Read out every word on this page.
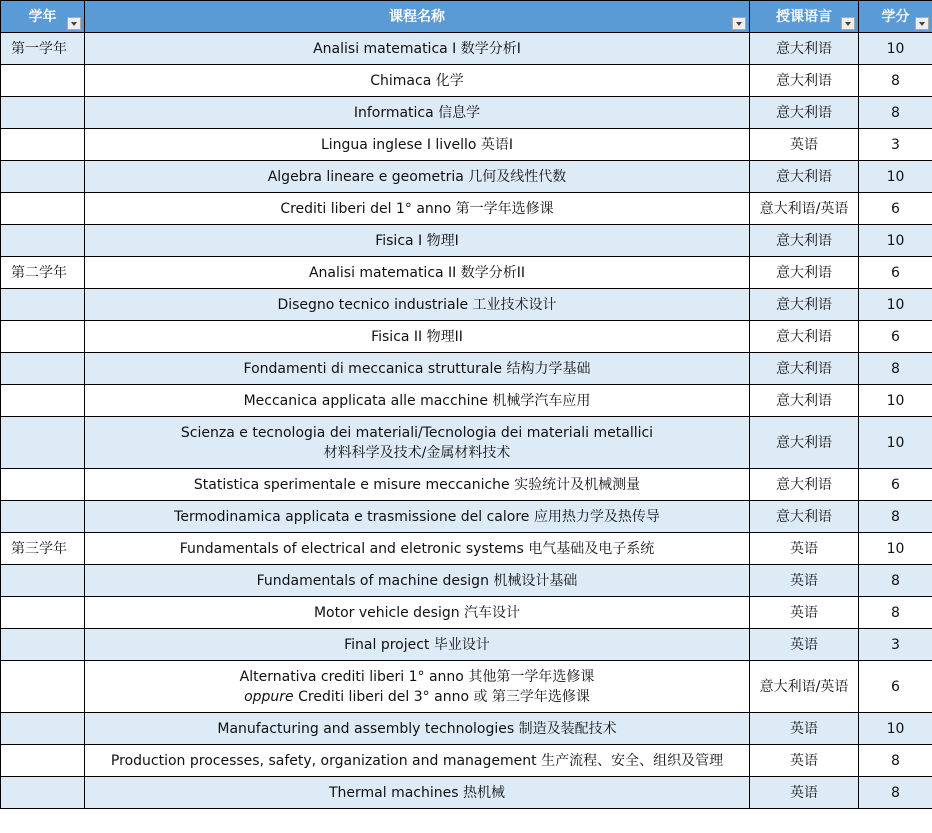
学年	课程名称	授课语言	学分

第一学年	Analisi matematica I 数学分析I	意大利语	10
	Chimaca 化学	意大利语	8
	Informatica 信息学	意大利语	8
	Lingua inglese I livello 英语I	英语	3
	Algebra lineare e geometria 几何及线性代数	意大利语	10
	Crediti liberi del 1° anno 第一学年选修课	意大利语/英语	6
	Fisica I 物理I	意大利语	10
第二学年	Analisi matematica II 数学分析II	意大利语	6
	Disegno tecnico industriale 工业技术设计	意大利语	10
	Fisica II 物理II	意大利语	6
	Fondamenti di meccanica strutturale 结构力学基础	意大利语	8
	Meccanica applicata alle macchine 机械学汽车应用	意大利语	10
	Scienza e tecnologia dei materiali/Tecnologia dei materiali metallici
材料科学及技术/金属材料技术	意大利语	10
	Statistica sperimentale e misure meccaniche 实验统计及机械测量	意大利语	6
	Termodinamica applicata e trasmissione del calore 应用热力学及热传导	意大利语	8
第三学年	Fundamentals of electrical and eletronic systems 电气基础及电子系统	英语	10
	Fundamentals of machine design 机械设计基础	英语	8
	Motor vehicle design 汽车设计	英语	8
	Final project 毕业设计	英语	3
	Alternativa crediti liberi 1° anno 其他第一学年选修课
oppure Crediti liberi del 3° anno 或 第三学年选修课	意大利语/英语	6
	Manufacturing and assembly technologies 制造及装配技术	英语	10
	Production processes, safety, organization and management 生产流程、安全、组织及管理	英语	8
	Thermal machines 热机械	英语	8
